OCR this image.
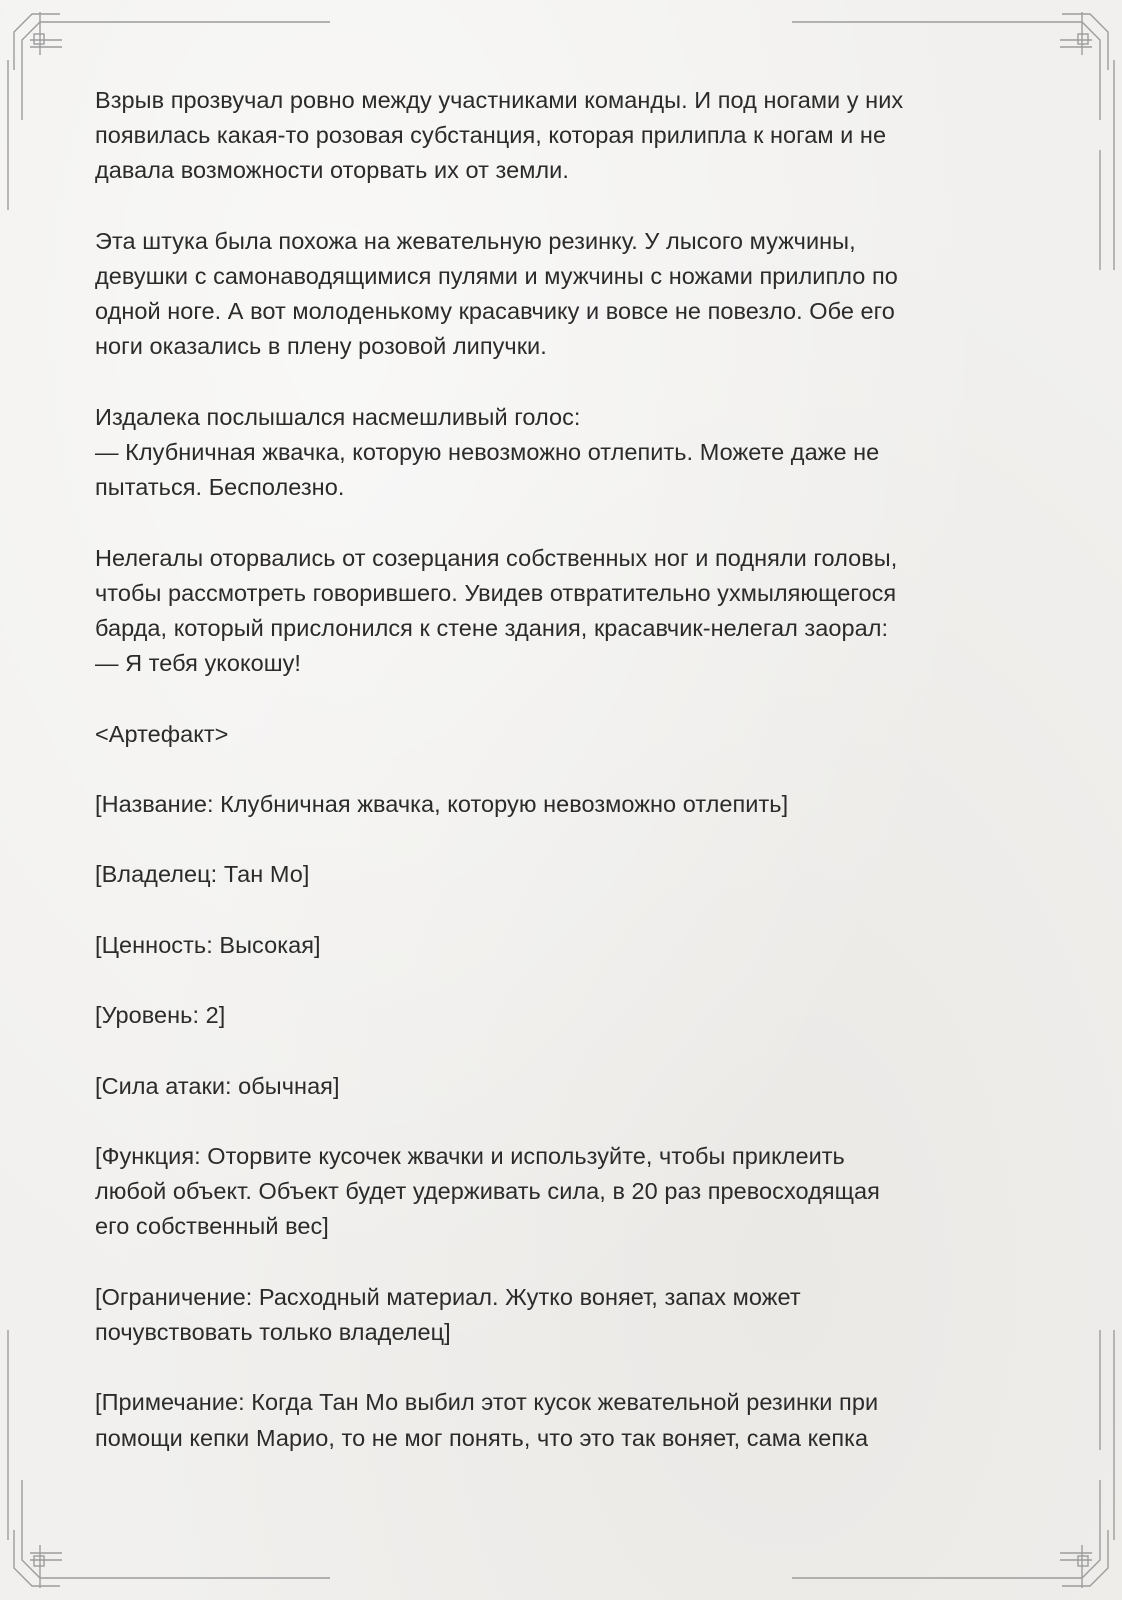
Взрыв прозвучал ровно между участниками команды. И под ногами у них
появилась какая-то розовая субстанция, которая прилипла к ногам и не
давала возможности оторвать их от земли.

Эта штука была похожа на жевательную резинку. У лысого мужчины,
девушки с самонаводящимися пулями и мужчины с ножами прилипло по
одной ноге. А вот молоденькому красавчику и вовсе не повезло. Обе его
ноги оказались в плену розовой липучки.

Издалека послышался насмешливый голос:
— Клубничная жвачка, которую невозможно отлепить. Можете даже не
пытаться. Бесполезно.

Нелегалы оторвались от созерцания собственных ног и подняли головы,
чтобы рассмотреть говорившего. Увидев отвратительно ухмыляющегося
барда, который прислонился к стене здания, красавчик-нелегал заорал:
— Я тебя укокошу!

<Артефакт>

[Название: Клубничная жвачка, которую невозможно отлепить]

[Владелец: Тан Мо]

[Ценность: Высокая]

[Уровень: 2]

[Сила атаки: обычная]

[Функция: Оторвите кусочек жвачки и используйте, чтобы приклеить
любой объект. Объект будет удерживать сила, в 20 раз превосходящая
его собственный вес]

[Ограничение: Расходный материал. Жутко воняет, запах может
почувствовать только владелец]

[Примечание: Когда Тан Мо выбил этот кусок жевательной резинки при
помощи кепки Марио, то не мог понять, что это так воняет, сама кепка
